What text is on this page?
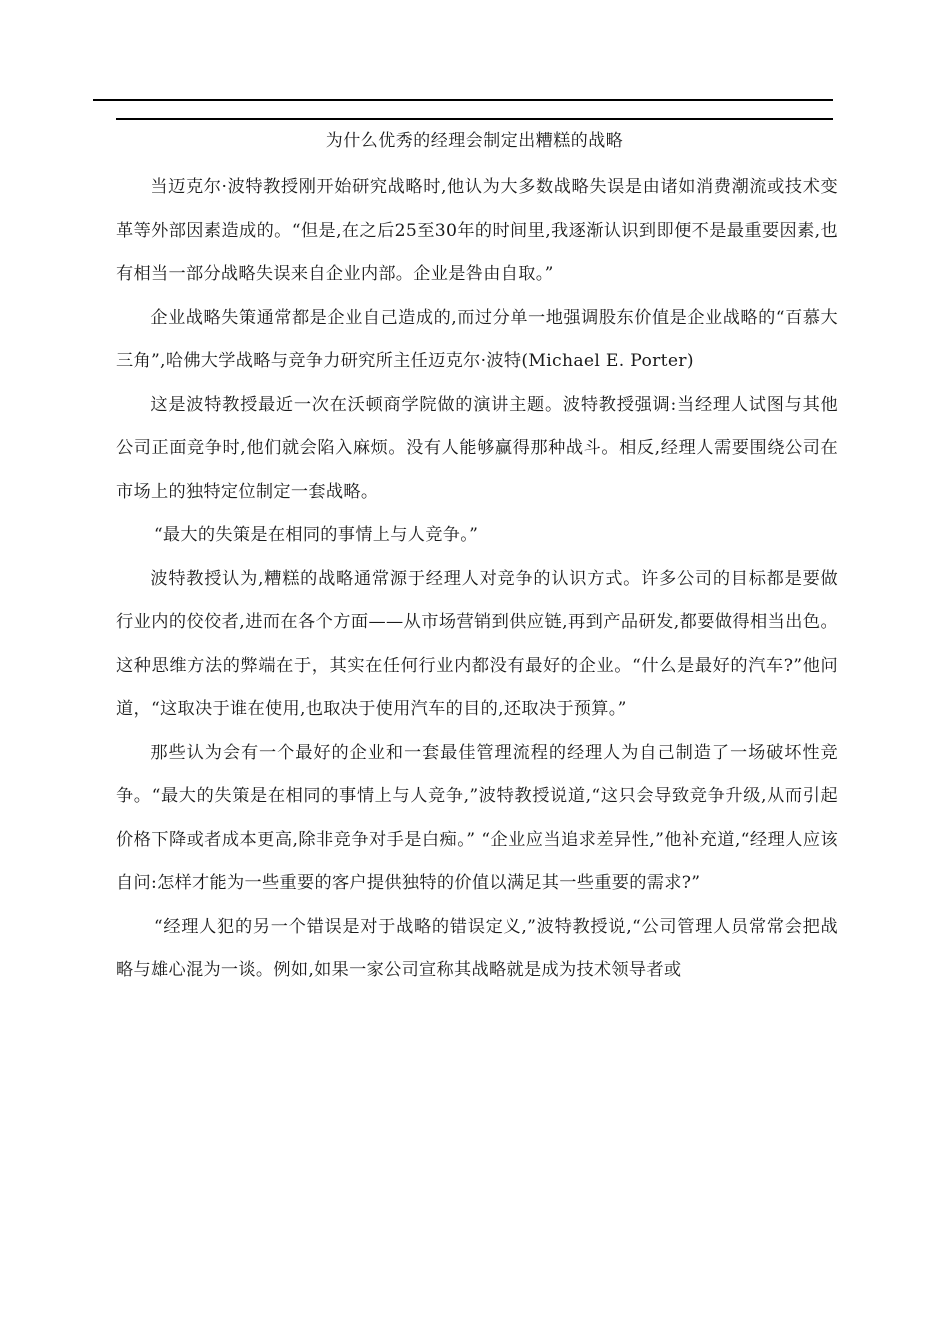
为什么优秀的经理会制定出糟糕的战略

当迈克尔·波特教授刚开始研究战略时,他认为大多数战略失误是由诸如消费潮流或技术变革等外部因素造成的。“但是,在之后25至30年的时间里,我逐渐认识到即便不是最重要因素,也有相当一部分战略失误来自企业内部。企业是咎由自取。”

企业战略失策通常都是企业自己造成的,而过分单一地强调股东价值是企业战略的“百慕大三角”,哈佛大学战略与竞争力研究所主任迈克尔·波特(Michael E. Porter)

这是波特教授最近一次在沃顿商学院做的演讲主题。波特教授强调:当经理人试图与其他公司正面竞争时,他们就会陷入麻烦。没有人能够赢得那种战斗。相反,经理人需要围绕公司在市场上的独特定位制定一套战略。

“最大的失策是在相同的事情上与人竞争。”

波特教授认为,糟糕的战略通常源于经理人对竞争的认识方式。许多公司的目标都是要做行业内的佼佼者,进而在各个方面——从市场营销到供应链,再到产品研发,都要做得相当出色。这种思维方法的弊端在于，其实在任何行业内都没有最好的企业。“什么是最好的汽车?”他问道，“这取决于谁在使用,也取决于使用汽车的目的,还取决于预算。”

那些认为会有一个最好的企业和一套最佳管理流程的经理人为自己制造了一场破坏性竞争。“最大的失策是在相同的事情上与人竞争,”波特教授说道,“这只会导致竞争升级,从而引起价格下降或者成本更高,除非竞争对手是白痴。” “企业应当追求差异性,”他补充道,“经理人应该自问:怎样才能为一些重要的客户提供独特的价值以满足其一些重要的需求?”

“经理人犯的另一个错误是对于战略的错误定义,”波特教授说,“公司管理人员常常会把战略与雄心混为一谈。例如,如果一家公司宣称其战略就是成为技术领导者或
